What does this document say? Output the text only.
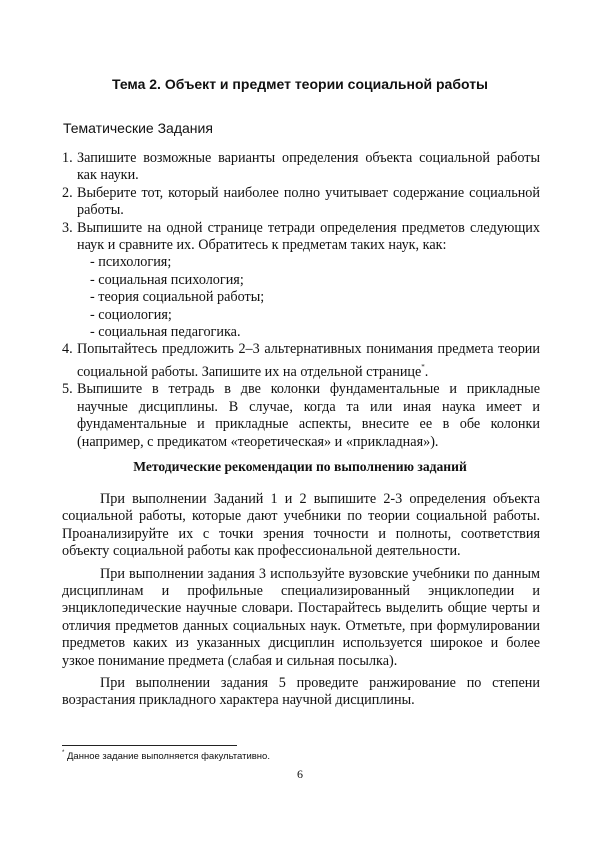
Тема 2. Объект и предмет теории социальной работы
Тематические Задания
1. Запишите возможные варианты определения объекта социальной работы как науки.
2. Выберите тот, который наиболее полно учитывает содержание социальной работы.
3. Выпишите на одной странице тетради определения предметов следующих наук и сравните их. Обратитесь к предметам таких наук, как:
- психология;
- социальная психология;
- теория социальной работы;
- социология;
- социальная педагогика.
4. Попытайтесь предложить 2–3 альтернативных понимания предмета теории социальной работы. Запишите их на отдельной странице*.
5. Выпишите в тетрадь в две колонки фундаментальные и прикладные научные дисциплины. В случае, когда та или иная наука имеет и фундаментальные и прикладные аспекты, внесите ее в обе колонки (например, с предикатом «теоретическая» и «прикладная»).
Методические рекомендации по выполнению заданий

При выполнении Заданий 1 и 2 выпишите 2-3 определения объекта социальной работы, которые дают учебники по теории социальной работы. Проанализируйте их с точки зрения точности и полноты, соответствия объекту социальной работы как профессиональной деятельности.

При выполнении задания 3 используйте вузовские учебники по данным дисциплинам и профильные специализированный энциклопедии и энциклопедические научные словари. Постарайтесь выделить общие черты и отличия предметов данных социальных наук. Отметьте, при формулировании предметов каких из указанных дисциплин используется широкое и более узкое понимание предмета (слабая и сильная посылка).

При выполнении задания 5 проведите ранжирование по степени возрастания прикладного характера научной дисциплины.

* Данное задание выполняется факультативно.
6
